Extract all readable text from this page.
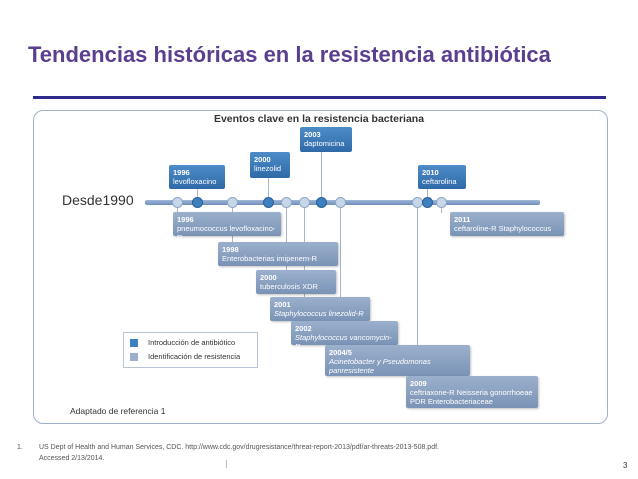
Tendencias históricas en la resistencia antibiótica
Eventos clave en la resistencia bacteriana
Desde1990
1996
levofloxacino
2000
linezolid
2003
daptomicina
2010
ceftarolina
1996
pneumococcus levofloxacino-R
1998
Enterobacterias imipenem-R
2000
tuberculosis XDR
2001
Staphylococcus linezolid-R
2002
Staphylococcus vancomycin-R
2004/5
Acinetobacter y Pseudomonas panresistente
2009
ceftriaxone-R Neisseria gonorrhoeae PDR Enterobacteriaceae
2011
ceftaroline-R Staphylococcus
Introducción de antibiótico
Identificación de resistencia
Adaptado de referencia 1
1. US Dept of Health and Human Services, CDC. http://www.cdc.gov/drugresistance/threat-report-2013/pdf/ar-threats-2013-508.pdf. Accessed 2/13/2014.
3
